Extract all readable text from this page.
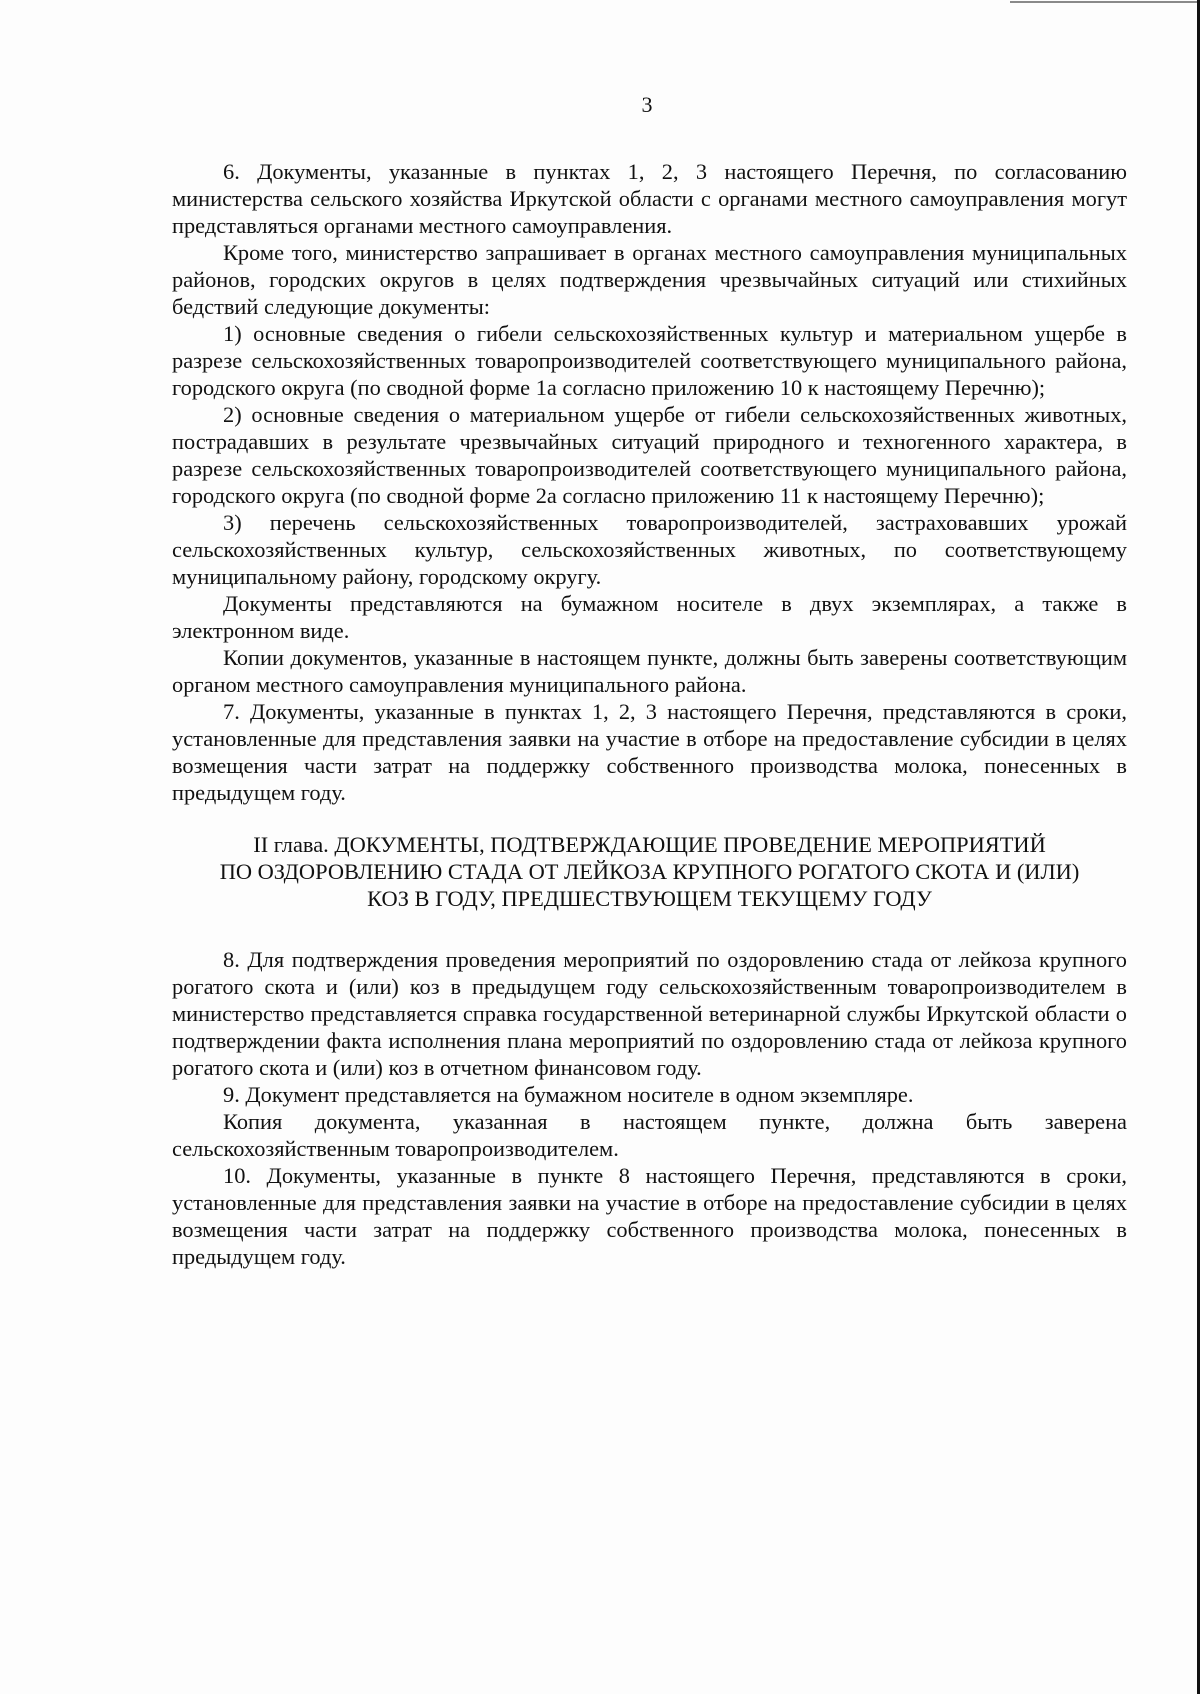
3

6. Документы, указанные в пунктах 1, 2, 3 настоящего Перечня, по согласованию министерства сельского хозяйства Иркутской области с органами местного самоуправления могут представляться органами местного самоуправления.

Кроме того, министерство запрашивает в органах местного самоуправления муниципальных районов, городских округов в целях подтверждения чрезвычайных ситуаций или стихийных бедствий следующие документы:

1) основные сведения о гибели сельскохозяйственных культур и материальном ущербе в разрезе сельскохозяйственных товаропроизводителей соответствующего муниципального района, городского округа (по сводной форме 1а согласно приложению 10 к настоящему Перечню);

2) основные сведения о материальном ущербе от гибели сельскохозяйственных животных, пострадавших в результате чрезвычайных ситуаций природного и техногенного характера, в разрезе сельскохозяйственных товаропроизводителей соответствующего муниципального района, городского округа (по сводной форме 2а согласно приложению 11 к настоящему Перечню);

3) перечень сельскохозяйственных товаропроизводителей, застраховавших урожай сельскохозяйственных культур, сельскохозяйственных животных, по соответствующему муниципальному району, городскому округу.

Документы представляются на бумажном носителе в двух экземплярах, а также в электронном виде.

Копии документов, указанные в настоящем пункте, должны быть заверены соответствующим органом местного самоуправления муниципального района.

7. Документы, указанные в пунктах 1, 2, 3 настоящего Перечня, представляются в сроки, установленные для представления заявки на участие в отборе на предоставление субсидии в целях возмещения части затрат на поддержку собственного производства молока, понесенных в предыдущем году.

II глава. ДОКУМЕНТЫ, ПОДТВЕРЖДАЮЩИЕ ПРОВЕДЕНИЕ МЕРОПРИЯТИЙ
ПО ОЗДОРОВЛЕНИЮ СТАДА ОТ ЛЕЙКОЗА КРУПНОГО РОГАТОГО СКОТА И (ИЛИ)
КОЗ В ГОДУ, ПРЕДШЕСТВУЮЩЕМ ТЕКУЩЕМУ ГОДУ

8. Для подтверждения проведения мероприятий по оздоровлению стада от лейкоза крупного рогатого скота и (или) коз в предыдущем году сельскохозяйственным товаропроизводителем в министерство представляется справка государственной ветеринарной службы Иркутской области о подтверждении факта исполнения плана мероприятий по оздоровлению стада от лейкоза крупного рогатого скота и (или) коз в отчетном финансовом году.

9. Документ представляется на бумажном носителе в одном экземпляре.

Копия документа, указанная в настоящем пункте, должна быть заверена сельскохозяйственным товаропроизводителем.

10. Документы, указанные в пункте 8 настоящего Перечня, представляются в сроки, установленные для представления заявки на участие в отборе на предоставление субсидии в целях возмещения части затрат на поддержку собственного производства молока, понесенных в предыдущем году.
